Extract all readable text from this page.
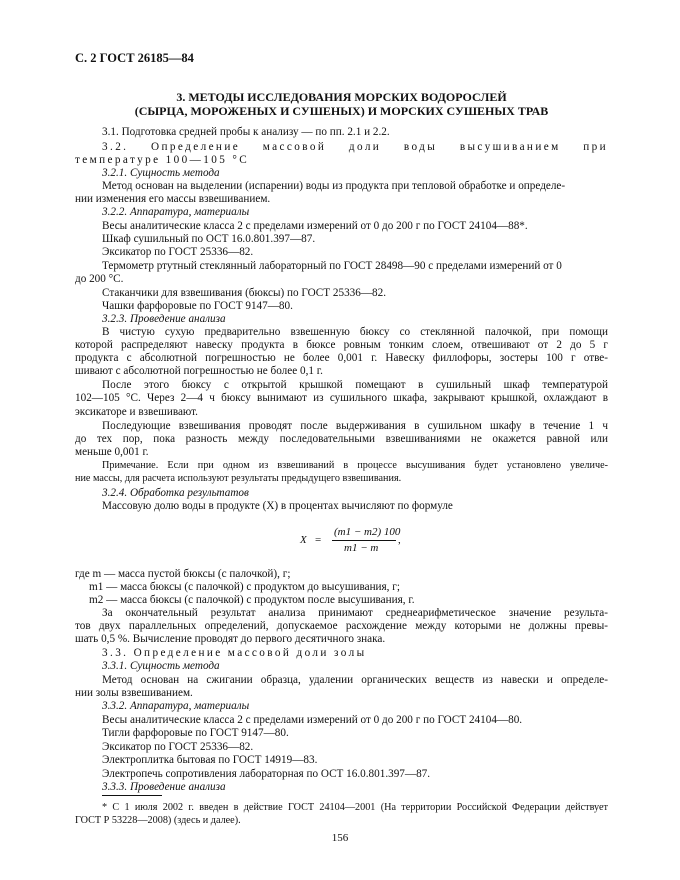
С. 2 ГОСТ 26185—84
3. МЕТОДЫ ИССЛЕДОВАНИЯ МОРСКИХ ВОДОРОСЛЕЙ
(СЫРЦА, МОРОЖЕНЫХ И СУШЕНЫХ) И МОРСКИХ СУШЕНЫХ ТРАВ
3.1. Подготовка средней пробы к анализу — по пп. 2.1 и 2.2.
3.2. Определение массовой доли воды высушиванием при
температуре 100—105 °С
3.2.1. Сущность метода
Метод основан на выделении (испарении) воды из продукта при тепловой обработке и определе-
нии изменения его массы взвешиванием.
3.2.2. Аппаратура, материалы
Весы аналитические класса 2 с пределами измерений от 0 до 200 г по ГОСТ 24104—88*.
Шкаф сушильный по ОСТ 16.0.801.397—87.
Эксикатор по ГОСТ 25336—82.
Термометр ртутный стеклянный лабораторный по ГОСТ 28498—90 с пределами измерений от 0
до 200 °С.
Стаканчики для взвешивания (бюксы) по ГОСТ 25336—82.
Чашки фарфоровые по ГОСТ 9147—80.
3.2.3. Проведение анализа
В чистую сухую предварительно взвешенную бюксу со стеклянной палочкой, при помощи
которой распределяют навеску продукта в бюксе ровным тонким слоем, отвешивают от 2 до 5 г
продукта с абсолютной погрешностью не более 0,001 г. Навеску филлофоры, зостеры 100 г отве-
шивают с абсолютной погрешностью не более 0,1 г.
После этого бюксу с открытой крышкой помещают в сушильный шкаф температурой
102—105 °С. Через 2—4 ч бюксу вынимают из сушильного шкафа, закрывают крышкой, охлаждают в эксикаторе и взвешивают.
Последующие взвешивания проводят после выдерживания в сушильном шкафу в течение 1 ч
до тех пор, пока разность между последовательными взвешиваниями не окажется равной или
меньше 0,001 г.
Примечание. Если при одном из взвешиваний в процессе высушивания будет установлено увеличе-
ние массы, для расчета используют результаты предыдущего взвешивания.
3.2.4. Обработка результатов
Массовую долю воды в продукте (X) в процентах вычисляют по формуле
X =
(m1 − m2) 100
m1 − m
,
где m — масса пустой бюксы (с палочкой), г;
m1 — масса бюксы (с палочкой) с продуктом до высушивания, г;
m2 — масса бюксы (с палочкой) с продуктом после высушивания, г.
За окончательный результат анализа принимают среднеарифметическое значение результа-
тов двух параллельных определений, допускаемое расхождение между которыми не должны превы-
шать 0,5 %. Вычисление проводят до первого десятичного знака.
3.3. Определение массовой доли золы
3.3.1. Сущность метода
Метод основан на сжигании образца, удалении органических веществ из навески и определе-
нии золы взвешиванием.
3.3.2. Аппаратура, материалы
Весы аналитические класса 2 с пределами измерений от 0 до 200 г по ГОСТ 24104—80.
Тигли фарфоровые по ГОСТ 9147—80.
Эксикатор по ГОСТ 25336—82.
Электроплитка бытовая по ГОСТ 14919—83.
Электропечь сопротивления лабораторная по ОСТ 16.0.801.397—87.
3.3.3. Проведение анализа
* С 1 июля 2002 г. введен в действие ГОСТ 24104—2001 (На территории Российской Федерации действует
ГОСТ Р 53228—2008) (здесь и далее).
156
